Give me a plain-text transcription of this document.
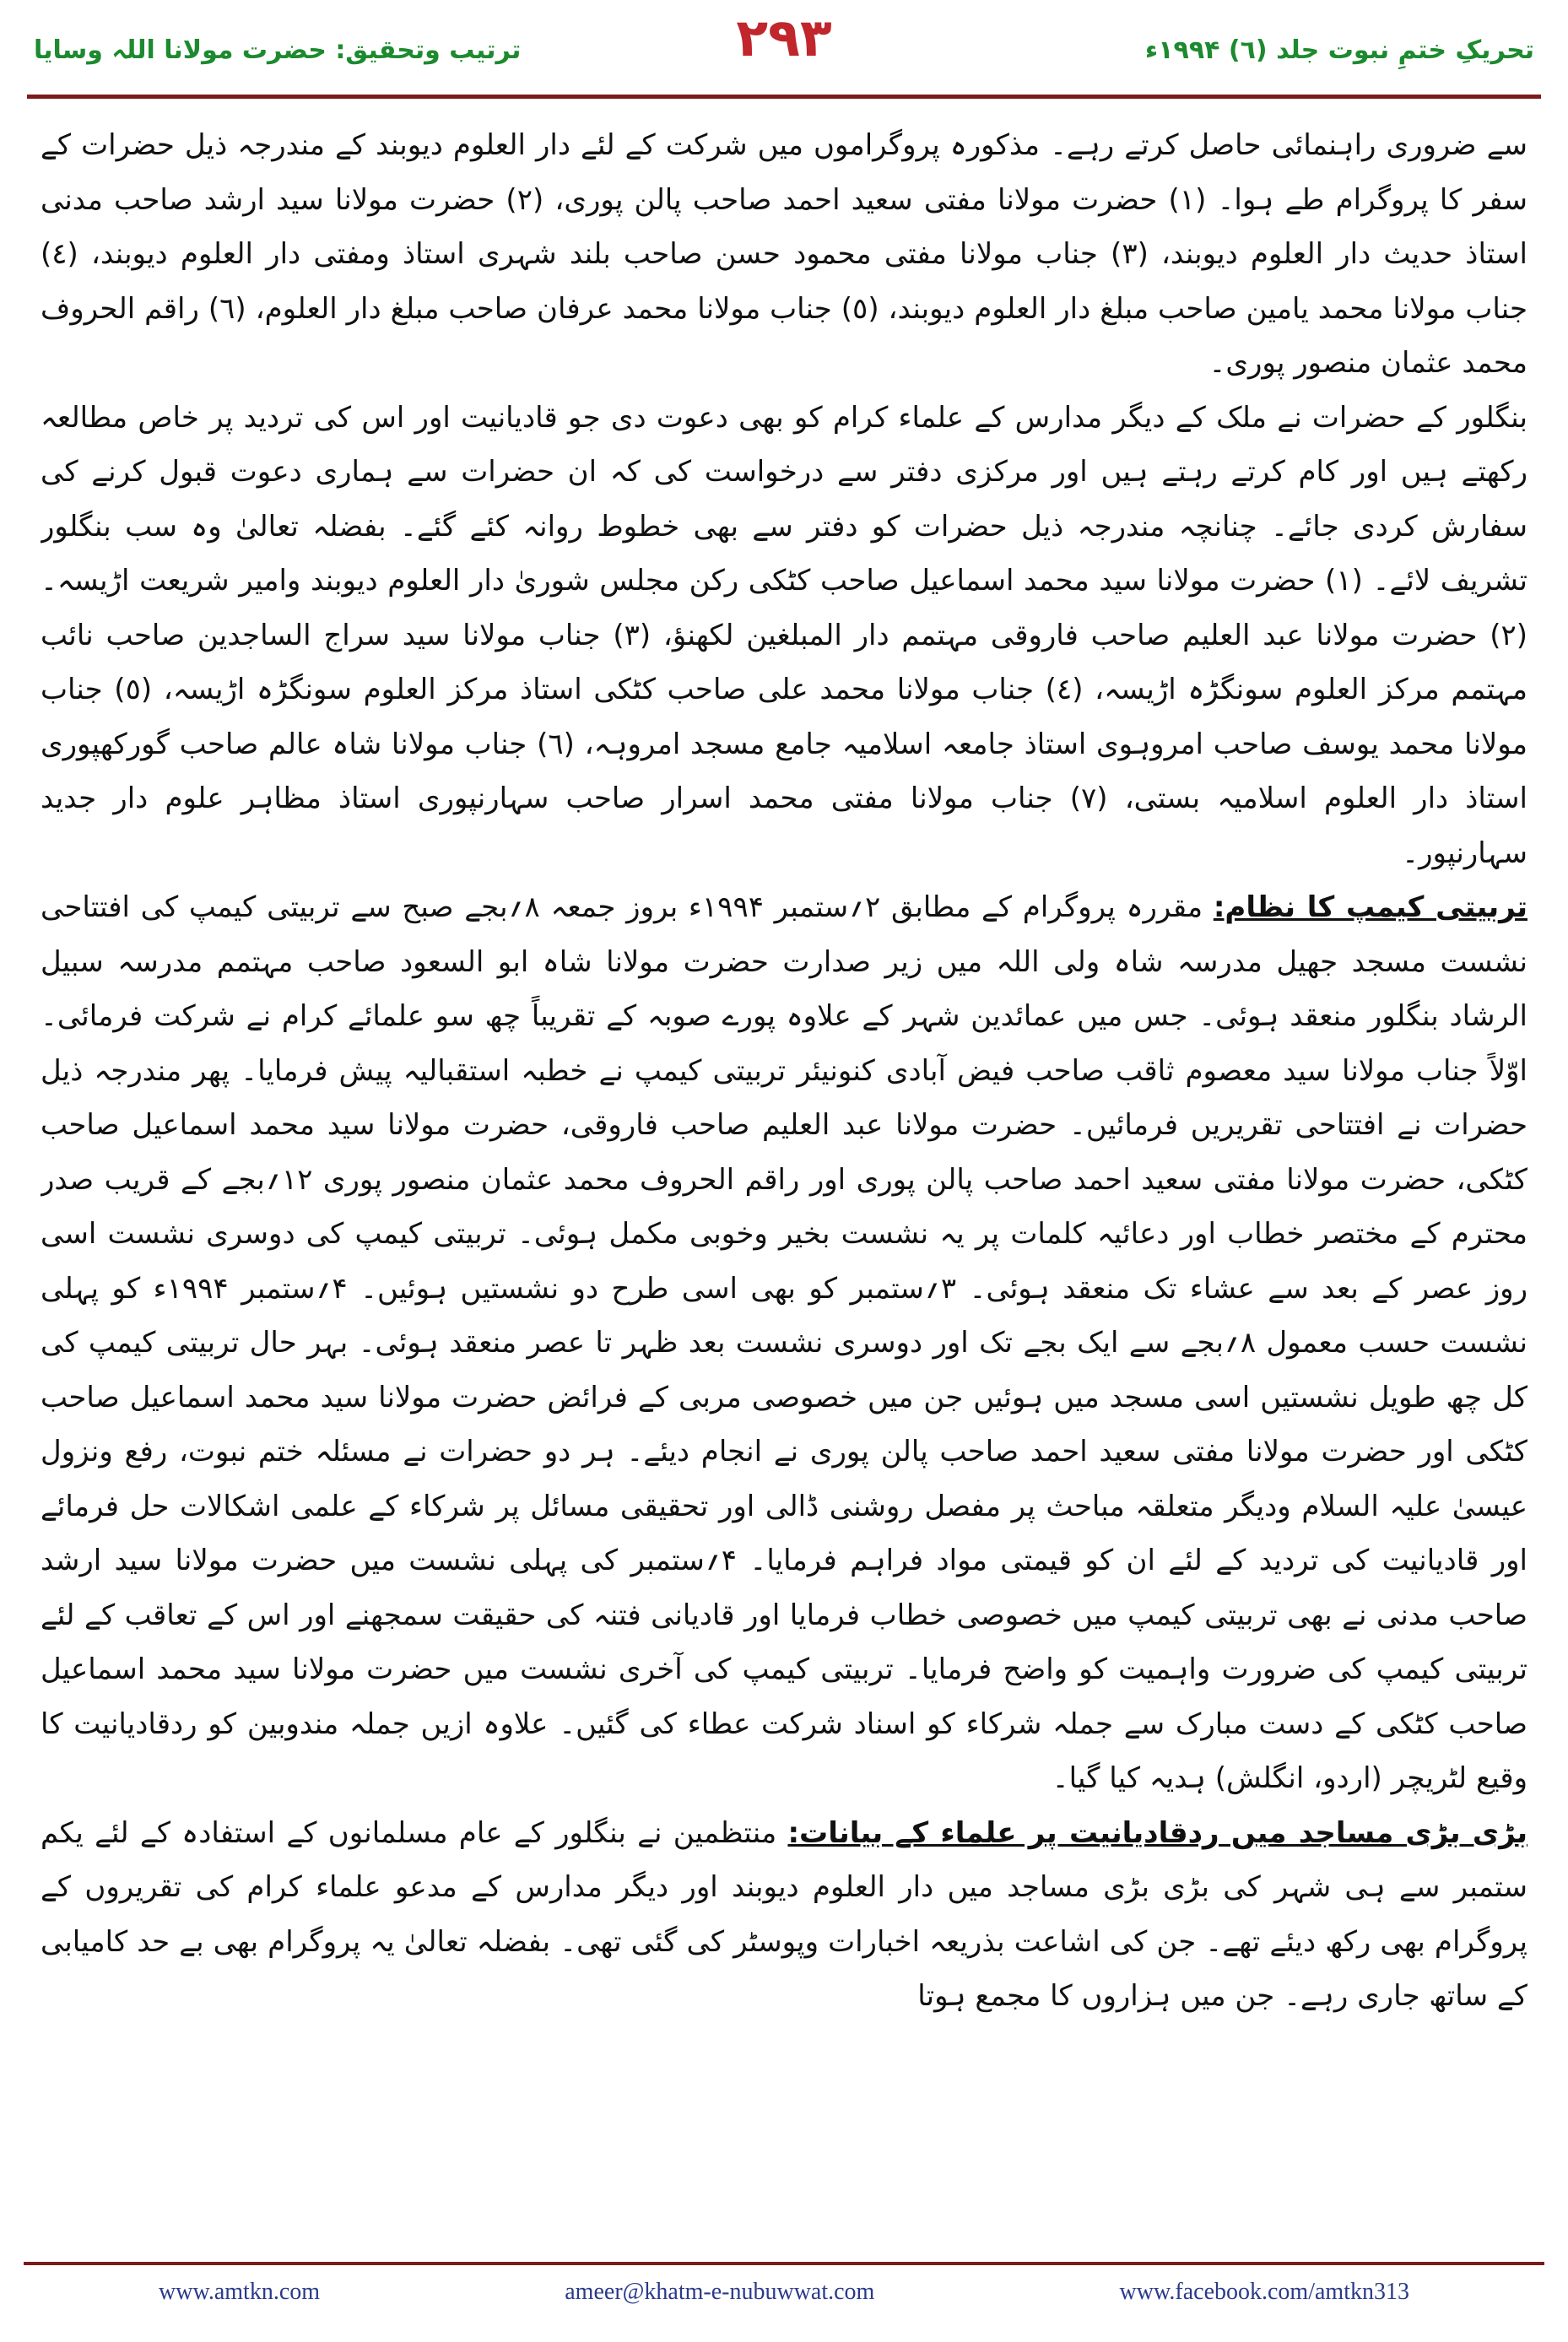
ترتیب وتحقیق: حضرت مولانا اللہ وسایا	۲۹۳	تحریکِ ختمِ نبوت جلد (٦) ۱۹۹۴ء

سے ضروری راہنمائی حاصل کرتے رہے۔ مذکورہ پروگراموں میں شرکت کے لئے دار العلوم دیوبند کے مندرجہ ذیل حضرات کے سفر کا پروگرام طے ہوا۔ (١) حضرت مولانا مفتی سعید احمد صاحب پالن پوری، (٢) حضرت مولانا سید ارشد صاحب مدنی استاذ حدیث دار العلوم دیوبند، (٣) جناب مولانا مفتی محمود حسن صاحب بلند شہری استاذ ومفتی دار العلوم دیوبند، (٤) جناب مولانا محمد یامین صاحب مبلغ دار العلوم دیوبند، (٥) جناب مولانا محمد عرفان صاحب مبلغ دار العلوم، (٦) راقم الحروف محمد عثمان منصور پوری۔

بنگلور کے حضرات نے ملک کے دیگر مدارس کے علماء کرام کو بھی دعوت دی جو قادیانیت اور اس کی تردید پر خاص مطالعہ رکھتے ہیں اور کام کرتے رہتے ہیں اور مرکزی دفتر سے درخواست کی کہ ان حضرات سے ہماری دعوت قبول کرنے کی سفارش کردی جائے۔ چنانچہ مندرجہ ذیل حضرات کو دفتر سے بھی خطوط روانہ کئے گئے۔ بفضلہ تعالیٰ وہ سب بنگلور تشریف لائے۔ (١) حضرت مولانا سید محمد اسماعیل صاحب کٹکی رکن مجلس شوریٰ دار العلوم دیوبند وامیر شریعت اڑیسہ۔ (٢) حضرت مولانا عبد العلیم صاحب فاروقی مہتمم دار المبلغین لکھنؤ، (٣) جناب مولانا سید سراج الساجدین صاحب نائب مہتمم مرکز العلوم سونگڑہ اڑیسہ، (٤) جناب مولانا محمد علی صاحب کٹکی استاذ مرکز العلوم سونگڑہ اڑیسہ، (٥) جناب مولانا محمد یوسف صاحب امروہوی استاذ جامعہ اسلامیہ جامع مسجد امروہہ، (٦) جناب مولانا شاہ عالم صاحب گورکھپوری استاذ دار العلوم اسلامیہ بستی، (٧) جناب مولانا مفتی محمد اسرار صاحب سہارنپوری استاذ مظاہر علوم دار جدید سہارنپور۔

تربیتی کیمپ کا نظام: مقررہ پروگرام کے مطابق ۲؍ستمبر ۱۹۹۴ء بروز جمعہ ۸؍بجے صبح سے تربیتی کیمپ کی افتتاحی نشست مسجد جھیل مدرسہ شاہ ولی اللہ میں زیر صدارت حضرت مولانا شاہ ابو السعود صاحب مہتمم مدرسہ سبیل الرشاد بنگلور منعقد ہوئی۔ جس میں عمائدین شہر کے علاوہ پورے صوبہ کے تقریباً چھ سو علمائے کرام نے شرکت فرمائی۔ اوّلاً جناب مولانا سید معصوم ثاقب صاحب فیض آبادی کنونیئر تربیتی کیمپ نے خطبہ استقبالیہ پیش فرمایا۔ پھر مندرجہ ذیل حضرات نے افتتاحی تقریریں فرمائیں۔ حضرت مولانا عبد العلیم صاحب فاروقی، حضرت مولانا سید محمد اسماعیل صاحب کٹکی، حضرت مولانا مفتی سعید احمد صاحب پالن پوری اور راقم الحروف محمد عثمان منصور پوری ۱۲؍بجے کے قریب صدر محترم کے مختصر خطاب اور دعائیہ کلمات پر یہ نشست بخیر وخوبی مکمل ہوئی۔ تربیتی کیمپ کی دوسری نشست اسی روز عصر کے بعد سے عشاء تک منعقد ہوئی۔ ۳؍ستمبر کو بھی اسی طرح دو نشستیں ہوئیں۔ ۴؍ستمبر ۱۹۹۴ء کو پہلی نشست حسب معمول ۸؍بجے سے ایک بجے تک اور دوسری نشست بعد ظہر تا عصر منعقد ہوئی۔ بہر حال تربیتی کیمپ کی کل چھ طویل نشستیں اسی مسجد میں ہوئیں جن میں خصوصی مربی کے فرائض حضرت مولانا سید محمد اسماعیل صاحب کٹکی اور حضرت مولانا مفتی سعید احمد صاحب پالن پوری نے انجام دیئے۔ ہر دو حضرات نے مسئلہ ختم نبوت، رفع ونزول عیسیٰ علیہ السلام ودیگر متعلقہ مباحث پر مفصل روشنی ڈالی اور تحقیقی مسائل پر شرکاء کے علمی اشکالات حل فرمائے اور قادیانیت کی تردید کے لئے ان کو قیمتی مواد فراہم فرمایا۔ ۴؍ستمبر کی پہلی نشست میں حضرت مولانا سید ارشد صاحب مدنی نے بھی تربیتی کیمپ میں خصوصی خطاب فرمایا اور قادیانی فتنہ کی حقیقت سمجھنے اور اس کے تعاقب کے لئے تربیتی کیمپ کی ضرورت واہمیت کو واضح فرمایا۔ تربیتی کیمپ کی آخری نشست میں حضرت مولانا سید محمد اسماعیل صاحب کٹکی کے دست مبارک سے جملہ شرکاء کو اسناد شرکت عطاء کی گئیں۔ علاوہ ازیں جملہ مندوبین کو ردقادیانیت کا وقیع لٹریچر (اردو، انگلش) ہدیہ کیا گیا۔

بڑی بڑی مساجد میں ردقادیانیت پر علماء کے بیانات: منتظمین نے بنگلور کے عام مسلمانوں کے استفادہ کے لئے یکم ستمبر سے ہی شہر کی بڑی بڑی مساجد میں دار العلوم دیوبند اور دیگر مدارس کے مدعو علماء کرام کی تقریروں کے پروگرام بھی رکھ دیئے تھے۔ جن کی اشاعت بذریعہ اخبارات وپوسٹر کی گئی تھی۔ بفضلہ تعالیٰ یہ پروگرام بھی بے حد کامیابی کے ساتھ جاری رہے۔ جن میں ہزاروں کا مجمع ہوتا

www.amtkn.com	ameer@khatm-e-nubuwwat.com	www.facebook.com/amtkn313
